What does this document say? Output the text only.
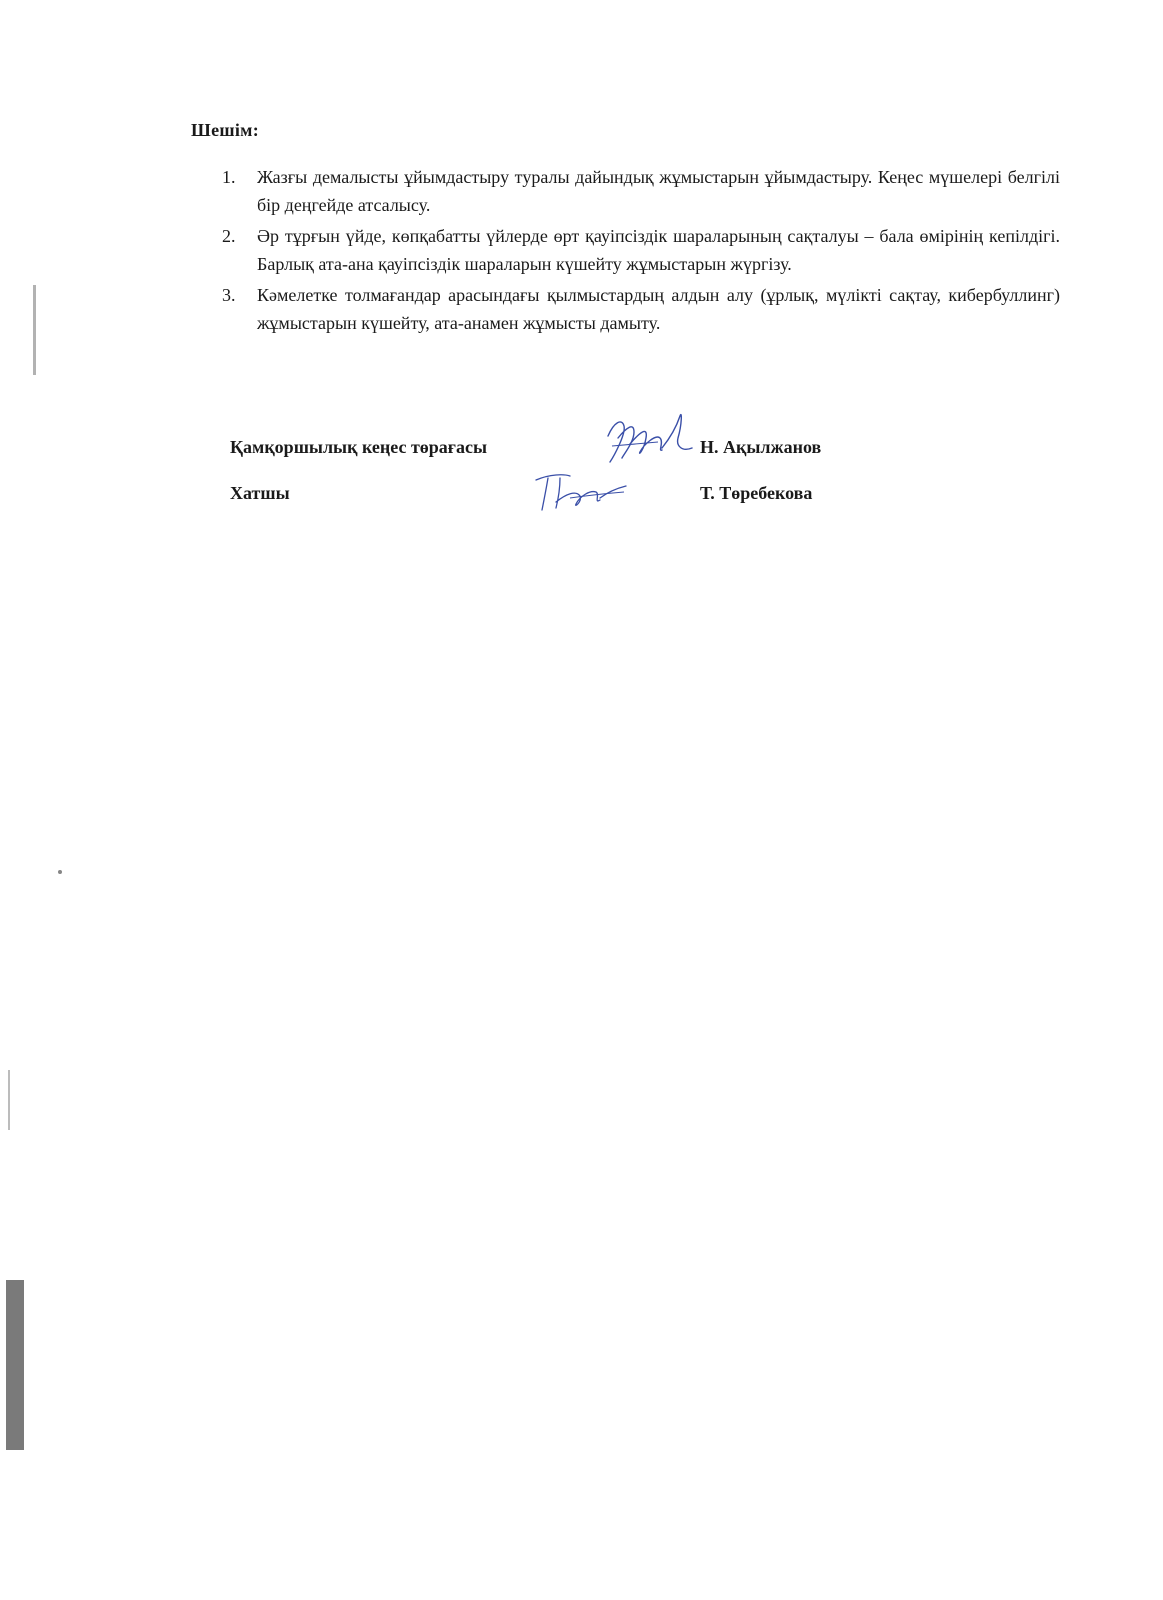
Шешім:
1. Жазғы демалысты ұйымдастыру туралы дайындық жұмыстарын ұйымдастыру. Кеңес мүшелері белгілі бір деңгейде атсалысу.
2. Әр тұрғын үйде, көпқабатты үйлерде өрт қауіпсіздік шараларының сақталуы – бала өмірінің кепілдігі. Барлық ата-ана қауіпсіздік шараларын күшейту жұмыстарын жүргізу.
3. Кәмелетке толмағандар арасындағы қылмыстардың алдын алу (ұрлық, мүлікті сақтау, кибербуллинг) жұмыстарын күшейту, ата-анамен жұмысты дамыту.
Қамқоршылық кеңес төрағасы	Н. Ақылжанов
Хатшы	Т. Төребекова
